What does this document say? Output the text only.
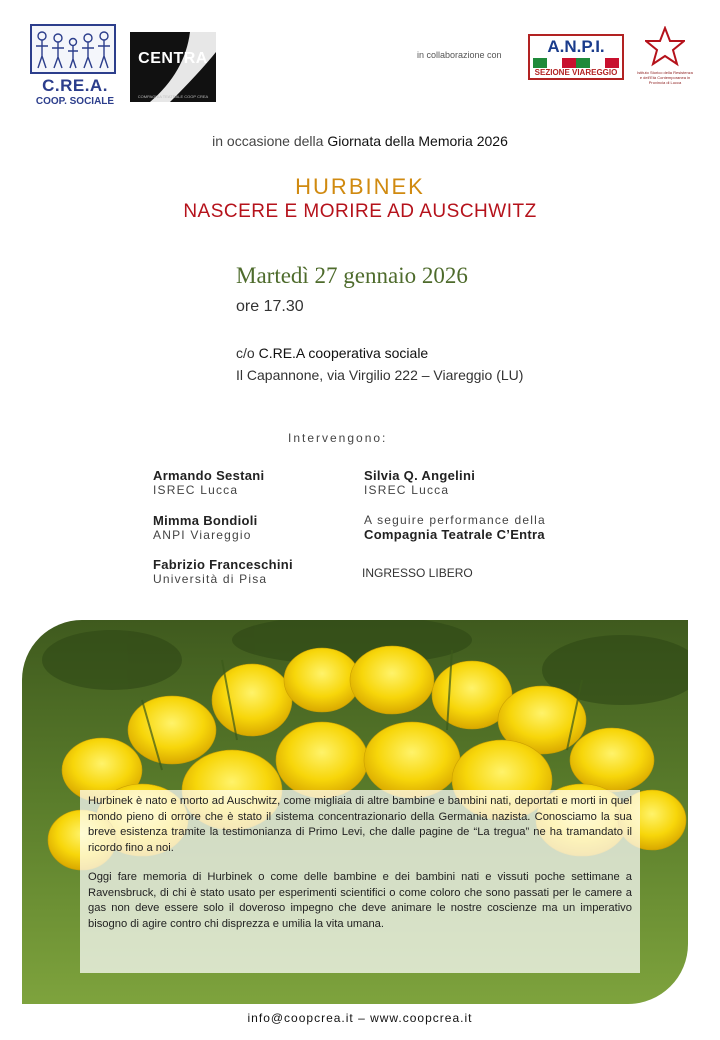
C.RE.A.
COOP. SOCIALE
CENTRA
COMPAGNIA TEATRALE COOP CREA
in collaborazione con	A.N.P.I.
SEZIONE VIAREGGIO	Istituto Storico della Resistenza e dell'Età Contemporanea in Provincia di Lucca
in occasione della Giornata della Memoria 2026
HURBINEK
NASCERE E MORIRE AD AUSCHWITZ
Martedì 27 gennaio 2026
ore 17.30
c/o C.RE.A cooperativa sociale
Il Capannone, via Virgilio 222 – Viareggio (LU)
Intervengono:
Armando Sestani
ISREC Lucca
Mimma Bondioli
ANPI Viareggio
Fabrizio Franceschini
Università di Pisa
Silvia Q. Angelini
ISREC Lucca
A seguire performance della
Compagnia Teatrale C’Entra
INGRESSO LIBERO

Hurbinek è nato e morto ad Auschwitz, come migliaia di altre bambine e bambini nati, deportati e morti in quel mondo pieno di orrore che è stato il sistema concentrazionario della Germania nazista. Conosciamo la sua breve esistenza tramite la testimonianza di Primo Levi, che dalle pagine de “La tregua” ne ha tramandato il ricordo fino a noi.

Oggi fare memoria di Hurbinek o come delle bambine e dei bambini nati e vissuti poche settimane a Ravensbruck, di chi è stato usato per esperimenti scientifici o come coloro che sono passati per le camere a gas non deve essere solo il doveroso impegno che deve animare le nostre coscienze ma un imperativo bisogno di agire contro chi disprezza e umilia la vita umana.

info@coopcrea.it – www.coopcrea.it
